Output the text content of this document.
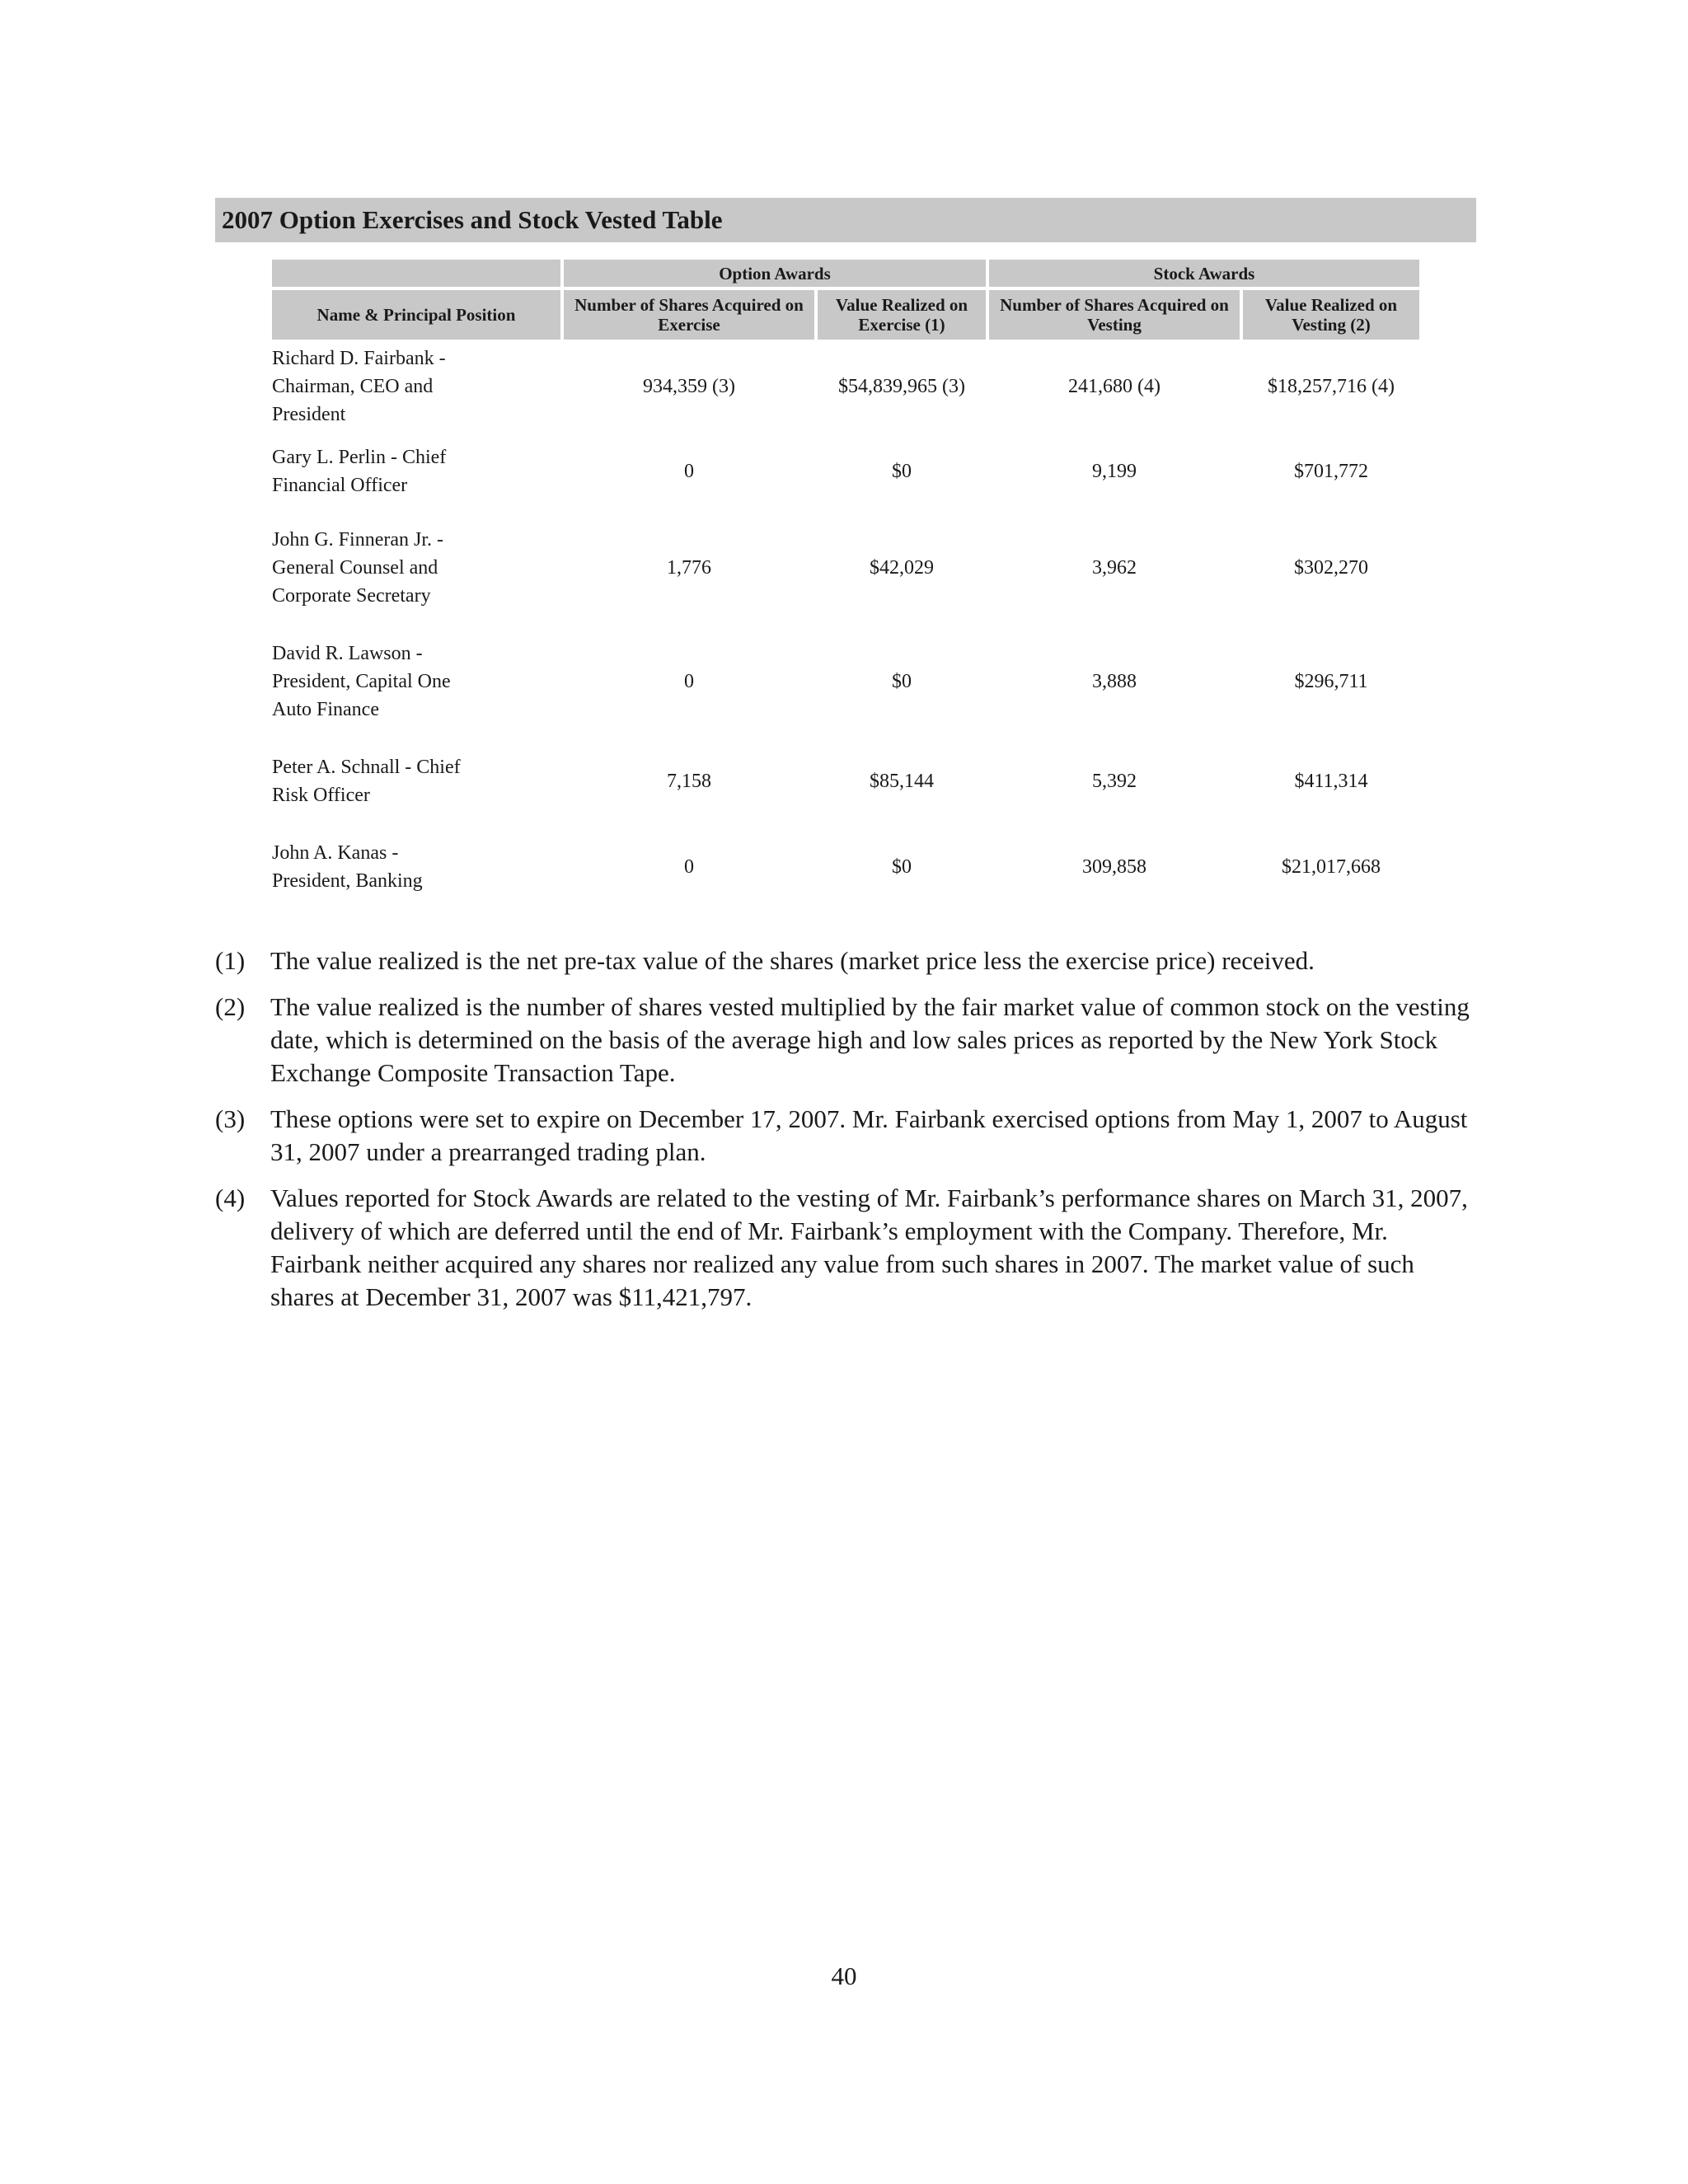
2007 Option Exercises and Stock Vested Table
	Option Awards		Stock Awards	
Name & Principal Position	Number of Shares Acquired on Exercise	Value Realized on Exercise (1)	Number of Shares Acquired on Vesting	Value Realized on Vesting (2)

Richard D. Fairbank -
Chairman, CEO and
President	934,359 (3)	$54,839,965 (3)	241,680 (4)	$18,257,716 (4)

Gary L. Perlin - Chief
Financial Officer	0	$0	9,199	$701,772

John G. Finneran Jr. -
General Counsel and
Corporate Secretary	1,776	$42,029	3,962	$302,270

David R. Lawson -
President, Capital One
Auto Finance	0	$0	3,888	$296,711

Peter A. Schnall - Chief
Risk Officer	7,158	$85,144	5,392	$411,314

John A. Kanas -
President, Banking	0	$0	309,858	$21,017,668
(1) The value realized is the net pre-tax value of the shares (market price less the exercise price) received.
(2) The value realized is the number of shares vested multiplied by the fair market value of common stock on the vesting date, which is determined on the basis of the average high and low sales prices as reported by the New York Stock Exchange Composite Transaction Tape.
(3) These options were set to expire on December 17, 2007. Mr. Fairbank exercised options from May 1, 2007 to August 31, 2007 under a prearranged trading plan.
(4) Values reported for Stock Awards are related to the vesting of Mr. Fairbank’s performance shares on March 31, 2007, delivery of which are deferred until the end of Mr. Fairbank’s employment with the Company. Therefore, Mr. Fairbank neither acquired any shares nor realized any value from such shares in 2007. The market value of such shares at December 31, 2007 was $11,421,797.
40
